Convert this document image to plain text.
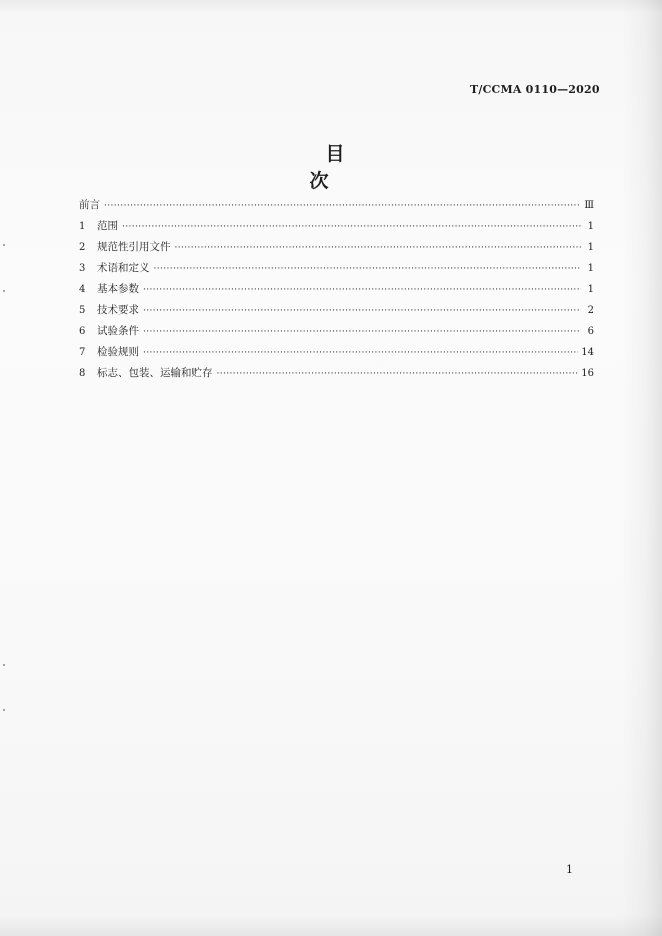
T/CCMA 0110—2020
目 次
前言 ·····	Ⅲ
1	范围 ·····	1
2	规范性引用文件 ·····	1
3	术语和定义 ·····	1
4	基本参数 ·····	1
5	技术要求 ·····	2
6	试验条件 ·····	6
7	检验规则 ·····	14
8	标志、包装、运输和贮存 ·····	16
1
